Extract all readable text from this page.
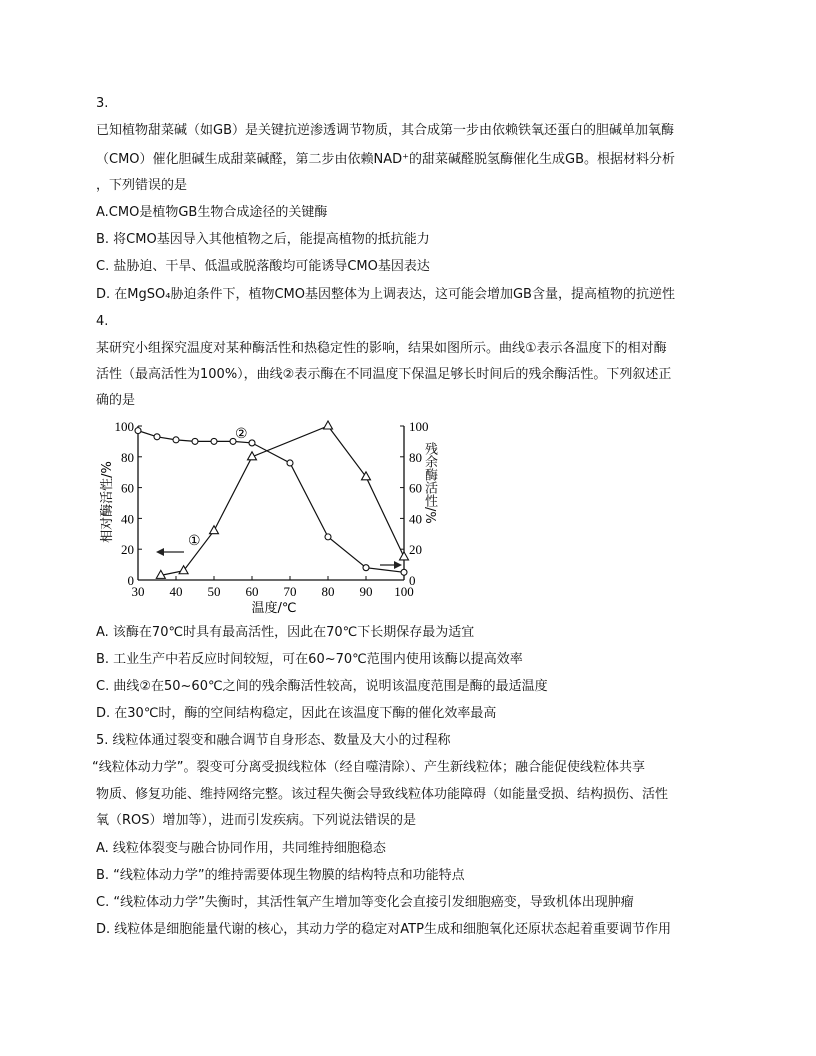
3.
已知植物甜菜碱（如GB）是关键抗逆渗透调节物质，其合成第一步由依赖铁氧还蛋白的胆碱单加氧酶
（CMO）催化胆碱生成甜菜碱醛，第二步由依赖NAD⁺的甜菜碱醛脱氢酶催化生成GB。根据材料分析
，下列错误的是
A.CMO是植物GB生物合成途径的关键酶
B. 将CMO基因导入其他植物之后，能提高植物的抵抗能力
C. 盐胁迫、干旱、低温或脱落酸均可能诱导CMO基因表达
D. 在MgSO₄胁迫条件下，植物CMO基因整体为上调表达，这可能会增加GB含量，提高植物的抗逆性
4.
某研究小组探究温度对某种酶活性和热稳定性的影响，结果如图所示。曲线①表示各温度下的相对酶
活性（最高活性为100%），曲线②表示酶在不同温度下保温足够长时间后的残余酶活性。下列叙述正
确的是
30 40 50 60 70 80 90 100
0	0
20	20
40	40
60	60
80	80
100	100
相对酶活性/%
温度/℃
①
②
残余酶活性/%
A. 该酶在70℃时具有最高活性，因此在70℃下长期保存最为适宜
B. 工业生产中若反应时间较短，可在60~70℃范围内使用该酶以提高效率
C. 曲线②在50~60℃之间的残余酶活性较高，说明该温度范围是酶的最适温度
D. 在30℃时，酶的空间结构稳定，因此在该温度下酶的催化效率最高
5. 线粒体通过裂变和融合调节自身形态、数量及大小的过程称
“线粒体动力学”。裂变可分离受损线粒体（经自噬清除）、产生新线粒体；融合能促使线粒体共享
物质、修复功能、维持网络完整。该过程失衡会导致线粒体功能障碍（如能量受损、结构损伤、活性
氧（ROS）增加等），进而引发疾病。下列说法错误的是
A. 线粒体裂变与融合协同作用，共同维持细胞稳态
B. “线粒体动力学”的维持需要体现生物膜的结构特点和功能特点
C. “线粒体动力学”失衡时，其活性氧产生增加等变化会直接引发细胞癌变，导致机体出现肿瘤
D. 线粒体是细胞能量代谢的核心，其动力学的稳定对ATP生成和细胞氧化还原状态起着重要调节作用
